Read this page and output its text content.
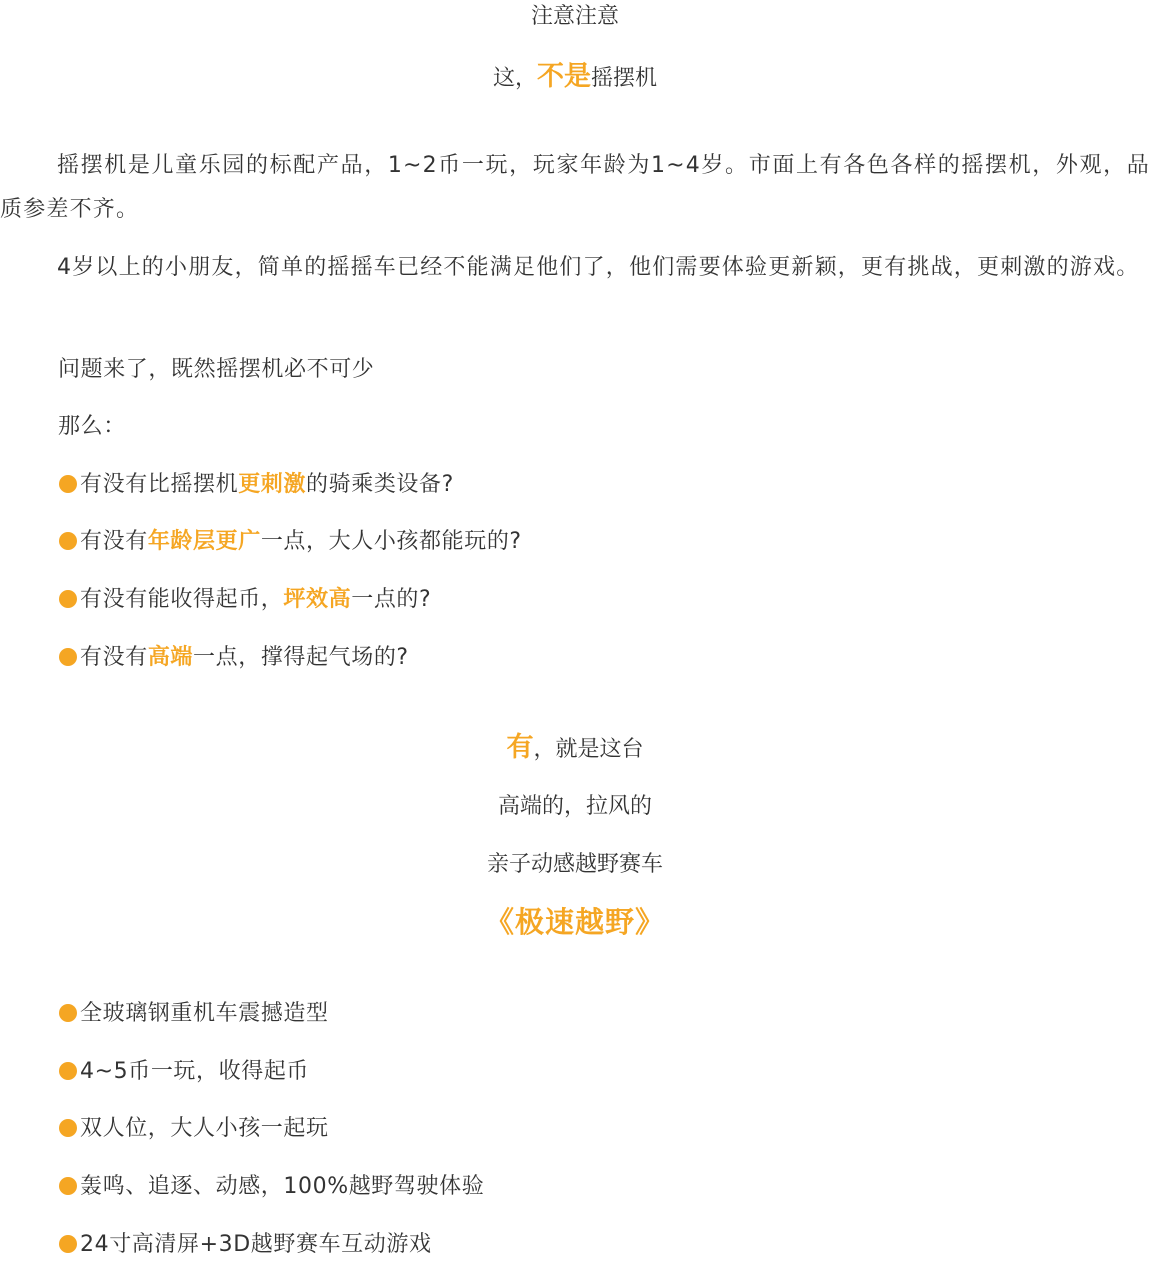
注意注意
这，不是摇摆机
摇摆机是儿童乐园的标配产品，1~2币一玩，玩家年龄为1~4岁。市面上有各色各样的摇摆机，外观，品质参差不齐。
4岁以上的小朋友，简单的摇摇车已经不能满足他们了，他们需要体验更新颖，更有挑战，更刺激的游戏。
问题来了，既然摇摆机必不可少
那么：
有没有比摇摆机更刺激的骑乘类设备?
有没有年龄层更广一点，大人小孩都能玩的?
有没有能收得起币，坪效高一点的?
有没有高端一点，撑得起气场的?
有，就是这台
高端的，拉风的
亲子动感越野赛车
《极速越野》
全玻璃钢重机车震撼造型
4~5币一玩，收得起币
双人位，大人小孩一起玩
轰鸣、追逐、动感，100%越野驾驶体验
24寸高清屏+3D越野赛车互动游戏
